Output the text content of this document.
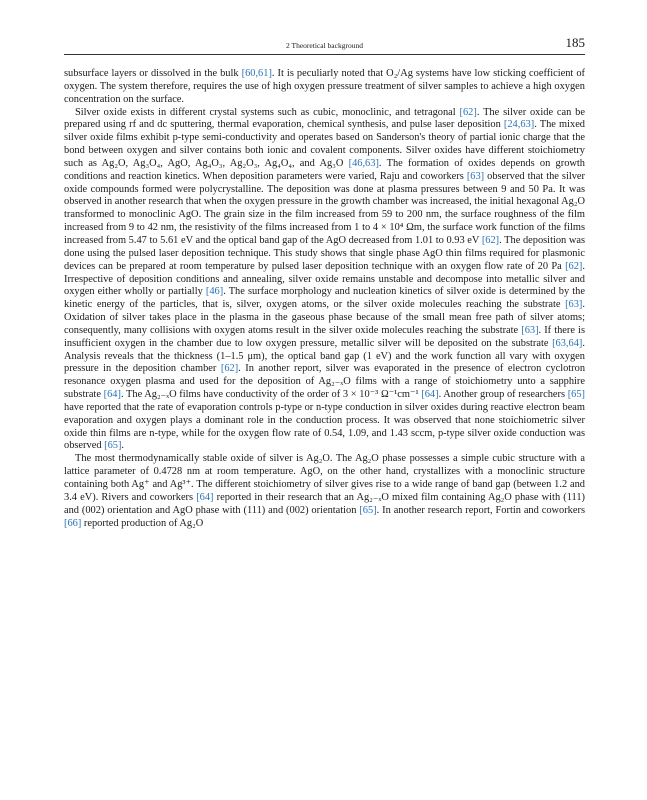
2 Theoretical background	185

subsurface layers or dissolved in the bulk [60,61]. It is peculiarly noted that O₂/Ag systems have low sticking coefficient of oxygen. The system therefore, requires the use of high oxygen pressure treatment of silver samples to achieve a high oxygen concentration on the surface.

Silver oxide exists in different crystal systems such as cubic, monoclinic, and tetragonal [62]. The silver oxide can be prepared using rf and dc sputtering, thermal evaporation, chemical synthesis, and pulse laser deposition [24,63]. The mixed silver oxide films exhibit p-type semi-conductivity and operates based on Sanderson's theory of partial ionic charge that the bond between oxygen and silver contains both ionic and covalent components. Silver oxides have different stoichiometry such as Ag₂O, Ag₃O₄, AgO, Ag₄O₃, Ag₂O₃, Ag₄O₄, and Ag₃O [46,63]. The formation of oxides depends on growth conditions and reaction kinetics. When deposition parameters were varied, Raju and coworkers [63] observed that the silver oxide compounds formed were polycrystalline. The deposition was done at plasma pressures between 9 and 50 Pa. It was observed in another research that when the oxygen pressure in the growth chamber was increased, the initial hexagonal Ag₂O transformed to monoclinic AgO. The grain size in the film increased from 59 to 200 nm, the surface roughness of the film increased from 9 to 42 nm, the resistivity of the films increased from 1 to 4 × 10⁴ Ωm, the surface work function of the films increased from 5.47 to 5.61 eV and the optical band gap of the AgO decreased from 1.01 to 0.93 eV [62]. The deposition was done using the pulsed laser deposition technique. This study shows that single phase AgO thin films required for plasmonic devices can be prepared at room temperature by pulsed laser deposition technique with an oxygen flow rate of 20 Pa [62]. Irrespective of deposition conditions and annealing, silver oxide remains unstable and decompose into metallic silver and oxygen either wholly or partially [46]. The surface morphology and nucleation kinetics of silver oxide is determined by the kinetic energy of the particles, that is, silver, oxygen atoms, or the silver oxide molecules reaching the substrate [63]. Oxidation of silver takes place in the plasma in the gaseous phase because of the small mean free path of silver atoms; consequently, many collisions with oxygen atoms result in the silver oxide molecules reaching the substrate [63]. If there is insufficient oxygen in the chamber due to low oxygen pressure, metallic silver will be deposited on the substrate [63,64]. Analysis reveals that the thickness (1–1.5 μm), the optical band gap (1 eV) and the work function all vary with oxygen pressure in the deposition chamber [62]. In another report, silver was evaporated in the presence of electron cyclotron resonance oxygen plasma and used for the deposition of Ag₂₋ₓO films with a range of stoichiometry unto a sapphire substrate [64]. The Ag₂₋ₓO films have conductivity of the order of 3 × 10⁻³ Ω⁻¹cm⁻¹ [64]. Another group of researchers [65] have reported that the rate of evaporation controls p-type or n-type conduction in silver oxides during reactive electron beam evaporation and oxygen plays a dominant role in the conduction process. It was observed that none stoichiometric silver oxide thin films are n-type, while for the oxygen flow rate of 0.54, 1.09, and 1.43 sccm, p-type silver oxide conduction was observed [65].

The most thermodynamically stable oxide of silver is Ag₂O. The Ag₂O phase possesses a simple cubic structure with a lattice parameter of 0.4728 nm at room temperature. AgO, on the other hand, crystallizes with a monoclinic structure containing both Ag⁺ and Ag³⁺. The different stoichiometry of silver gives rise to a wide range of band gap (between 1.2 and 3.4 eV). Rivers and coworkers [64] reported in their research that an Ag₂₋ₓO mixed film containing Ag₂O phase with (111) and (002) orientation and AgO phase with (111) and (002) orientation [65]. In another research report, Fortin and coworkers [66] reported production of Ag₂O
